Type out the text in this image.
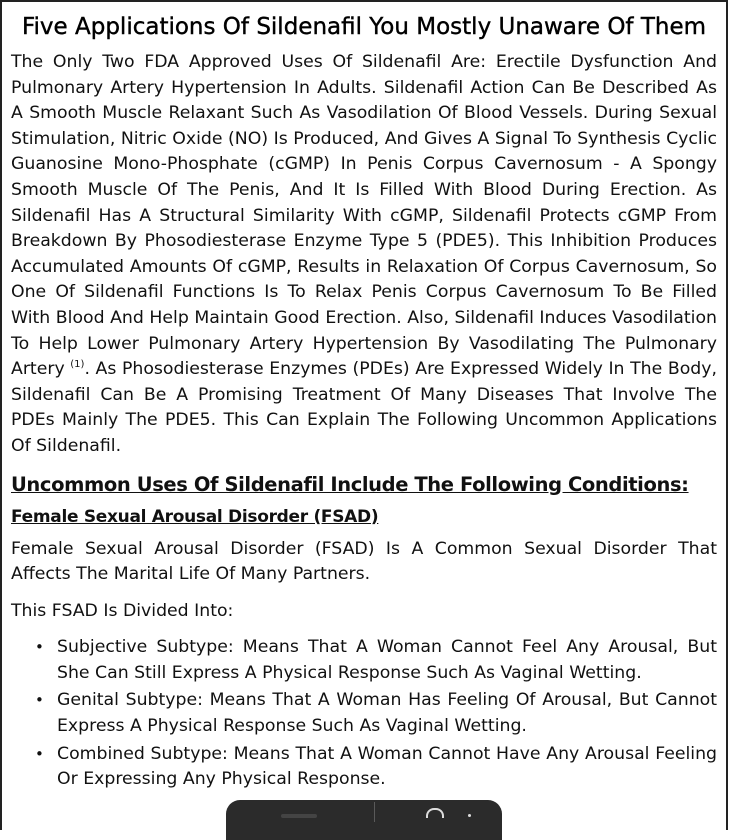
Five Applications Of Sildenafil You Mostly Unaware Of Them

The Only Two FDA Approved Uses Of Sildenafil Are: Erectile Dysfunction And Pulmonary Artery Hypertension In Adults. Sildenafil Action Can Be Described As A Smooth Muscle Relaxant Such As Vasodilation Of Blood Vessels. During Sexual Stimulation, Nitric Oxide (NO) Is Produced, And Gives A Signal To Synthesis Cyclic Guanosine Mono-Phosphate (cGMP) In Penis Corpus Cavernosum - A Spongy Smooth Muscle Of The Penis, And It Is Filled With Blood During Erection. As Sildenafil Has A Structural Similarity With cGMP, Sildenafil Protects cGMP From Breakdown By Phosodiesterase Enzyme Type 5 (PDE5). This Inhibition Produces Accumulated Amounts Of cGMP, Results in Relaxation Of Corpus Cavernosum, So One Of Sildenafil Functions Is To Relax Penis Corpus Cavernosum To Be Filled With Blood And Help Maintain Good Erection. Also, Sildenafil Induces Vasodilation To Help Lower Pulmonary Artery Hypertension By Vasodilating The Pulmonary Artery $^{(1)}$. As Phosodiesterase Enzymes (PDEs) Are Expressed Widely In The Body, Sildenafil Can Be A Promising Treatment Of Many Diseases That Involve The PDEs Mainly The PDE5. This Can Explain The Following Uncommon Applications Of Sildenafil.

Uncommon Uses Of Sildenafil Include The Following Conditions:
Female Sexual Arousal Disorder (FSAD)

Female Sexual Arousal Disorder (FSAD) Is A Common Sexual Disorder That Affects The Marital Life Of Many Partners.

This FSAD Is Divided Into:

• Subjective Subtype: Means That A Woman Cannot Feel Any Arousal, But She Can Still Express A Physical Response Such As Vaginal Wetting.
• Genital Subtype: Means That A Woman Has Feeling Of Arousal, But Cannot Express A Physical Response Such As Vaginal Wetting.
• Combined Subtype: Means That A Woman Cannot Have Any Arousal Feeling Or Expressing Any Physical Response.
